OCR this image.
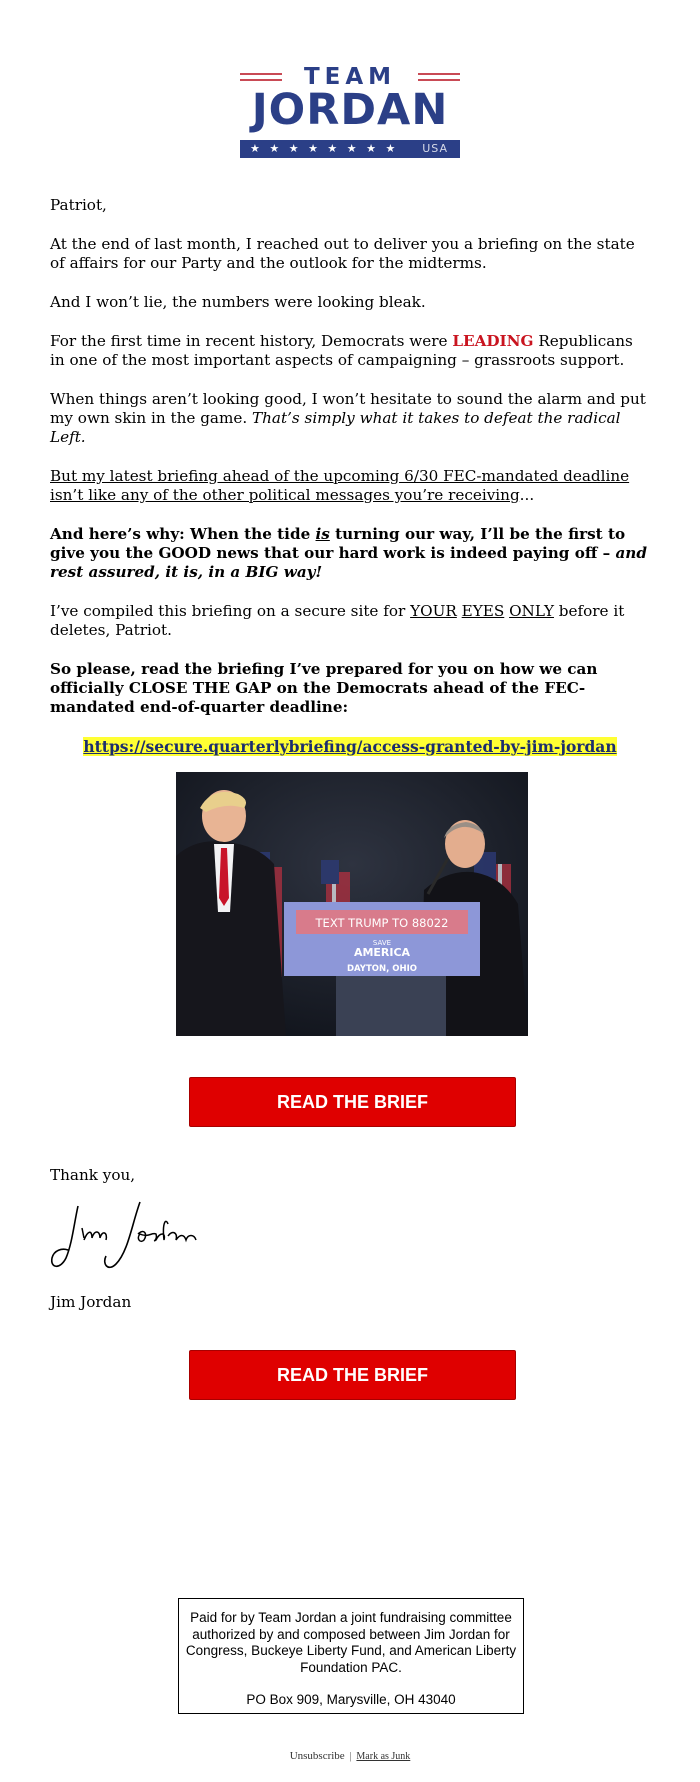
TEAM
JORDAN
★ ★ ★ ★ ★ ★ ★ ★ USA

Patriot,

At the end of last month, I reached out to deliver you a briefing on the state of affairs for our Party and the outlook for the midterms.

And I won’t lie, the numbers were looking bleak.

For the first time in recent history, Democrats were LEADING Republicans in one of the most important aspects of campaigning – grassroots support.

When things aren’t looking good, I won’t hesitate to sound the alarm and put my own skin in the game. That’s simply what it takes to defeat the radical Left.

But my latest briefing ahead of the upcoming 6/30 FEC-mandated deadline isn’t like any of the other political messages you’re receiving...

And here’s why: When the tide is turning our way, I’ll be the first to give you the GOOD news that our hard work is indeed paying off – and rest assured, it is, in a BIG way!

I’ve compiled this briefing on a secure site for YOUR EYES ONLY before it deletes, Patriot.

So please, read the briefing I’ve prepared for you on how we can officially CLOSE THE GAP on the Democrats ahead of the FEC-mandated end-of-quarter deadline:

https://secure.quarterlybriefing/access-granted-by-jim-jordan
TEXT TRUMP TO 88022
SAVE
AMERICA
DAYTON, OHIO
READ THE BRIEF
Thank you,
Jim Jordan
READ THE BRIEF
Paid for by Team Jordan a joint fundraising committee authorized by and composed between Jim Jordan for Congress, Buckeye Liberty Fund, and American Liberty Foundation PAC.
PO Box 909, Marysville, OH 43040
Unsubscribe | Mark as Junk
